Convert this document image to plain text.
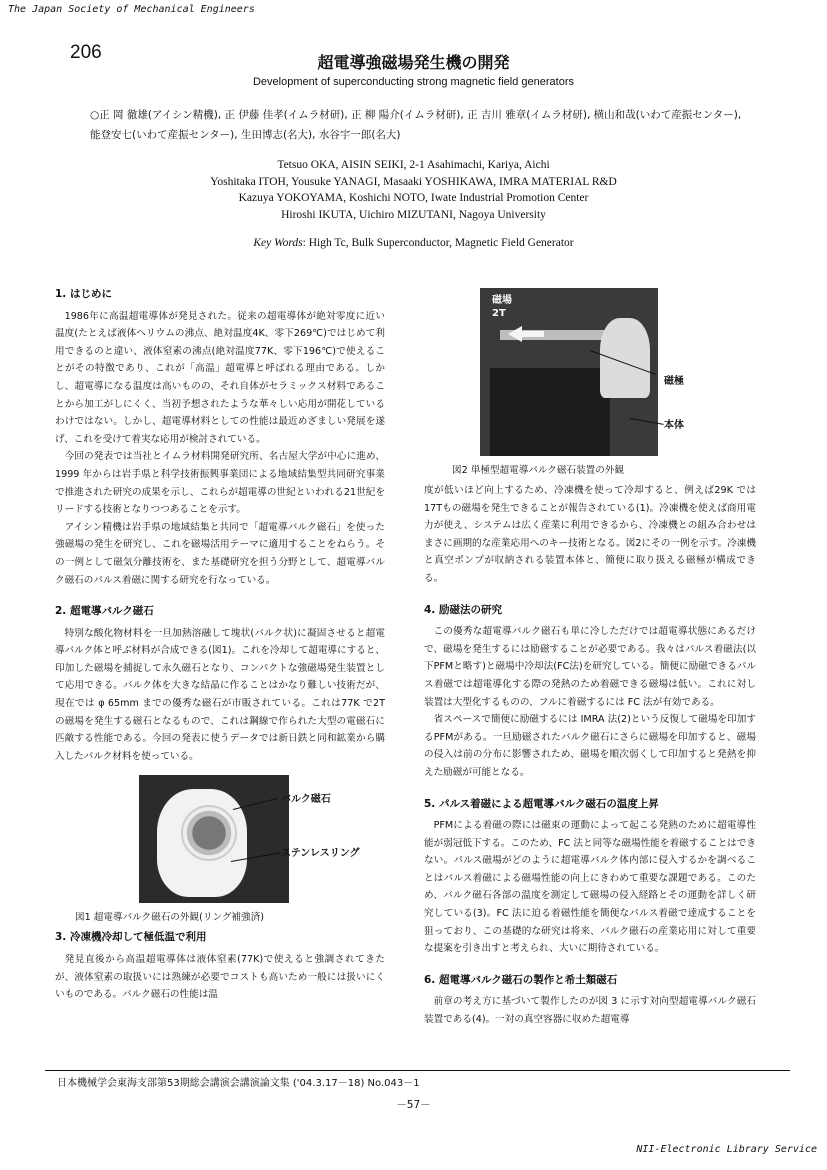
The Japan Society of Mechanical Engineers
206	超電導強磁場発生機の開発
Development of superconducting strong magnetic field generators
○正 岡 徹雄(アイシン精機), 正 伊藤 佳孝(イムラ材研), 正 柳 陽介(イムラ材研), 正 吉川 雅章(イムラ材研), 横山和哉(いわて産振センター), 能登安七(いわて産振センター), 生田博志(名大), 水谷宇一郎(名大)
Tetsuo OKA, AISIN SEIKI, 2-1 Asahimachi, Kariya, Aichi
Yoshitaka ITOH, Yousuke YANAGI, Masaaki YOSHIKAWA, IMRA MATERIAL R&D
Kazuya YOKOYAMA, Koshichi NOTO, Iwate Industrial Promotion Center
Hiroshi IKUTA, Uichiro MIZUTANI, Nagoya University
Key Words: High Tc, Bulk Superconductor, Magnetic Field Generator
1. はじめに

1986年に高温超電導体が発見された。従来の超電導体が絶対零度に近い温度(たとえば液体ヘリウムの沸点、絶対温度4K、零下269℃)ではじめて利用できるのと違い、液体窒素の沸点(絶対温度77K、零下196℃)で使えることがその特徴であり、これが「高温」超電導と呼ばれる理由である。しかし、超電導になる温度は高いものの、それ自体がセラミックス材料であることから加工がしにくく、当初予想されたような華々しい応用が開花しているわけではない。しかし、超電導材料としての性能は最近めざましい発展を遂げ、これを受けて着実な応用が検討されている。

今回の発表では当社とイムラ材料開発研究所、名古屋大学が中心に進め、1999 年からは岩手県と科学技術振興事業団による地域結集型共同研究事業で推進された研究の成果を示し、これらが超電導の世紀といわれる21世紀をリードする技術となりつつあることを示す。

アイシン精機は岩手県の地域結集と共同で「超電導バルク磁石」を使った強磁場の発生を研究し、これを磁場活用テーマに適用することをねらう。その一例として磁気分離技術を、また基礎研究を担う分野として、超電導バルク磁石のパルス着磁に関する研究を行なっている。

2. 超電導バルク磁石

特別な酸化物材料を一旦加熱溶融して塊状(バルク状)に凝固させると超電導バルク体と呼ぶ材料が合成できる(図1)。これを冷却して超電導にすると、印加した磁場を捕捉して永久磁石となり、コンパクトな強磁場発生装置として応用できる。バルク体を大きな結晶に作ることはかなり難しい技術だが、現在では φ 65mm までの優秀な磁石が市販されている。これは77K で2T の磁場を発生する磁石となるもので、これは鋼線で作られた大型の電磁石に匹敵する性能である。今回の発表に使うデータでは新日鉄と同和鉱業から購入したバルク材料を使っている。

バルク磁石
ステンレスリング
図1 超電導バルク磁石の外観(リング補強済)
3. 冷凍機冷却して極低温で利用

発見直後から高温超電導体は液体窒素(77K)で使えると強調されてきたが、液体窒素の取扱いには熟練が必要でコストも高いため一般には扱いにくいものである。バルク磁石の性能は温

磁場
2T
磁極
本体
図2 単極型超電導バルク磁石装置の外観

度が低いほど向上するため、冷凍機を使って冷却すると、例えば29K では17Tもの磁場を発生できることが報告されている(1)。冷凍機を使えば商用電力が使え、システムは広く産業に利用できるから、冷凍機との組み合わせはまさに画期的な産業応用へのキー技術となる。図2にその一例を示す。冷凍機と真空ポンプが収納される装置本体と、簡便に取り扱える磁極が構成できる。

4. 励磁法の研究

この優秀な超電導バルク磁石も単に冷しただけでは超電導状態にあるだけで、磁場を発生するには励磁することが必要である。我々はパルス着磁法(以下PFMと略す)と磁場中冷却法(FC法)を研究している。簡便に励磁できるパルス着磁では超電導化する際の発熱のため着磁できる磁場は低い。これに対し装置は大型化するものの、フルに着磁するには FC 法が有効である。

省スペースで簡便に励磁するには IMRA 法(2)という反復して磁場を印加するPFMがある。一旦励磁されたバルク磁石にさらに磁場を印加すると、磁場の侵入は前の分布に影響されため、磁場を順次弱くして印加すると発熱を抑えた励磁が可能となる。

5. パルス着磁による超電導バルク磁石の温度上昇

PFMによる着磁の際には磁束の運動によって起こる発熱のために超電導性能が弱冠低下する。このため、FC 法と同等な磁場性能を着磁することはできない。パルス磁場がどのように超電導バルク体内部に侵入するかを調べることはパルス着磁による磁場性能の向上にきわめて重要な課題である。このため、バルク磁石各部の温度を測定して磁場の侵入経路とその運動を詳しく研究している(3)。FC 法に迫る着磁性能を簡便なパルス着磁で達成することを狙っており、この基礎的な研究は将来、バルク磁石の産業応用に対して重要な提案を引き出すと考えられ、大いに期待されている。

6. 超電導バルク磁石の製作と希土類磁石

前章の考え方に基づいて製作したのが図 3 に示す対向型超電導バルク磁石装置である(4)。一対の真空容器に収めた超電導

日本機械学会東海支部第53期総会講演会講演論文集 ('04.3.17－18) No.043－1
－57－
NII-Electronic Library Service
